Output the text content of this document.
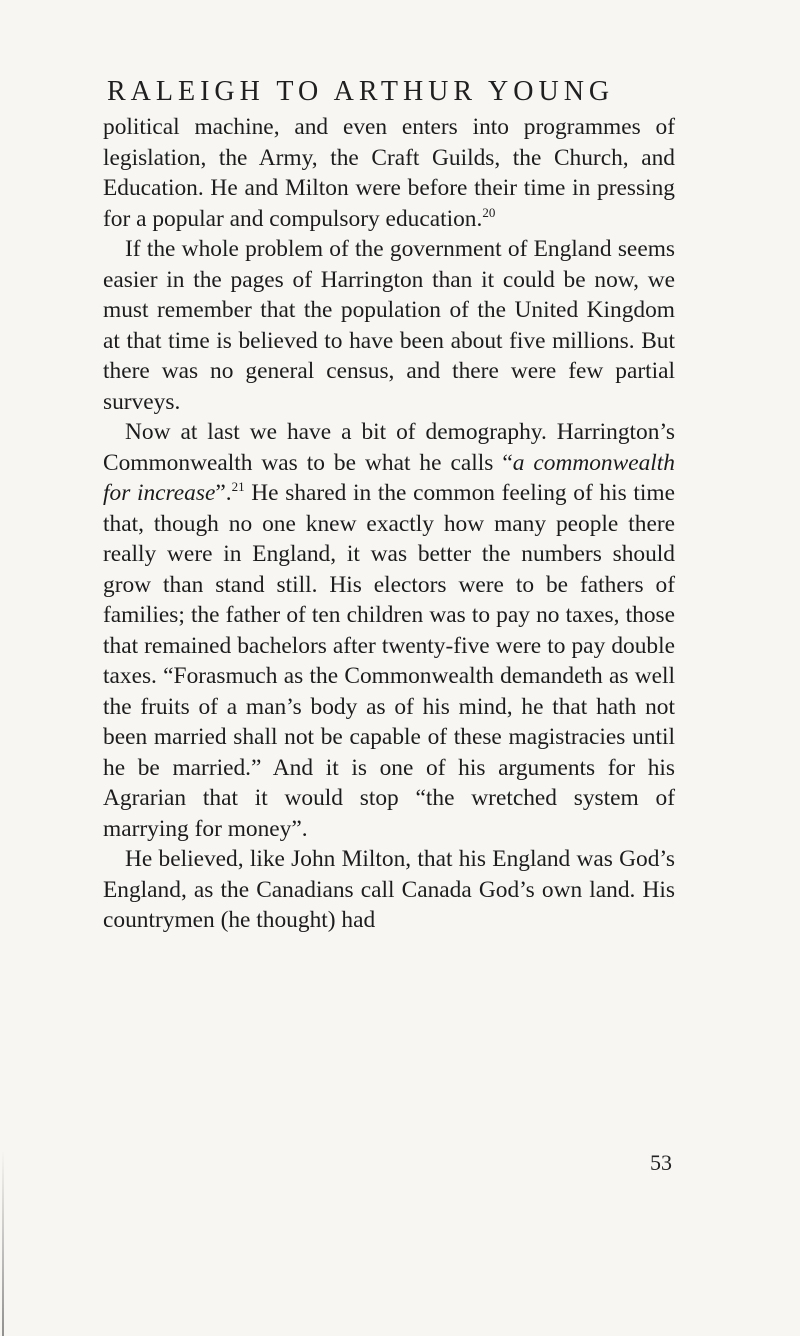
RALEIGH TO ARTHUR YOUNG

political machine, and even enters into programmes of legislation, the Army, the Craft Guilds, the Church, and Education. He and Milton were before their time in pressing for a popular and compulsory education.$^{20}$

If the whole problem of the government of England seems easier in the pages of Harrington than it could be now, we must remember that the population of the United Kingdom at that time is believed to have been about five millions. But there was no general census, and there were few partial surveys.

Now at last we have a bit of demography. Harrington’s Commonwealth was to be what he calls “a commonwealth for increase”.$^{21}$ He shared in the common feeling of his time that, though no one knew exactly how many people there really were in England, it was better the numbers should grow than stand still. His electors were to be fathers of families; the father of ten children was to pay no taxes, those that remained bachelors after twenty-five were to pay double taxes. “Forasmuch as the Commonwealth demandeth as well the fruits of a man’s body as of his mind, he that hath not been married shall not be capable of these magistracies until he be married.” And it is one of his arguments for his Agrarian that it would stop “the wretched system of marrying for money”.

He believed, like John Milton, that his England was God’s England, as the Canadians call Canada God’s own land. His countrymen (he thought) had

53
